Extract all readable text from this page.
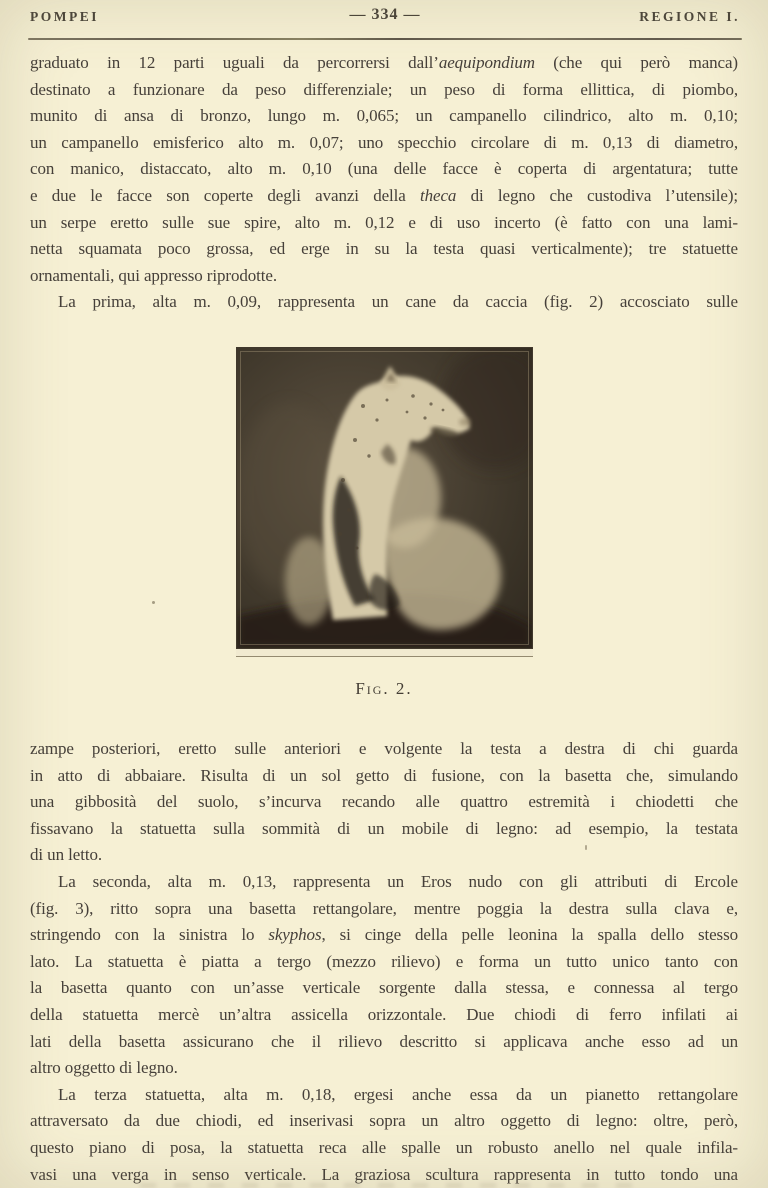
POMPEI	— 334 —	REGIONE I.
graduato in 12 parti uguali da percorrersi dall’aequipondium (che qui però manca)
destinato a funzionare da peso differenziale; un peso di forma ellittica, di piombo,
munito di ansa di bronzo, lungo m. 0,065; un campanello cilindrico, alto m. 0,10;
un campanello emisferico alto m. 0,07; uno specchio circolare di m. 0,13 di diametro,
con manico, distaccato, alto m. 0,10 (una delle facce è coperta di argentatura; tutte
e due le facce son coperte degli avanzi della theca di legno che custodiva l’utensile);
un serpe eretto sulle sue spire, alto m. 0,12 e di uso incerto (è fatto con una lami-
netta squamata poco grossa, ed erge in su la testa quasi verticalmente); tre statuette
ornamentali, qui appresso riprodotte.
La prima, alta m. 0,09, rappresenta un cane da caccia (fig. 2) accosciato sulle
Fig. 2.
zampe posteriori, eretto sulle anteriori e volgente la testa a destra di chi guarda
in atto di abbaiare. Risulta di un sol getto di fusione, con la basetta che, simulando
una gibbosità del suolo, s’incurva recando alle quattro estremità i chiodetti che
fissavano la statuetta sulla sommità di un mobile di legno: ad esempio, la testata
di un letto.
La seconda, alta m. 0,13, rappresenta un Eros nudo con gli attributi di Ercole
(fig. 3), ritto sopra una basetta rettangolare, mentre poggia la destra sulla clava e,
stringendo con la sinistra lo skyphos, si cinge della pelle leonina la spalla dello stesso
lato. La statuetta è piatta a tergo (mezzo rilievo) e forma un tutto unico tanto con
la basetta quanto con un’asse verticale sorgente dalla stessa, e connessa al tergo
della statuetta mercè un’altra assicella orizzontale. Due chiodi di ferro infilati ai
lati della basetta assicurano che il rilievo descritto si applicava anche esso ad un
altro oggetto di legno.
La terza statuetta, alta m. 0,18, ergesi anche essa da un pianetto rettangolare
attraversato da due chiodi, ed inserivasi sopra un altro oggetto di legno: oltre, però,
questo piano di posa, la statuetta reca alle spalle un robusto anello nel quale infila-
vasi una verga in senso verticale. La graziosa scultura rappresenta in tutto tondo una
